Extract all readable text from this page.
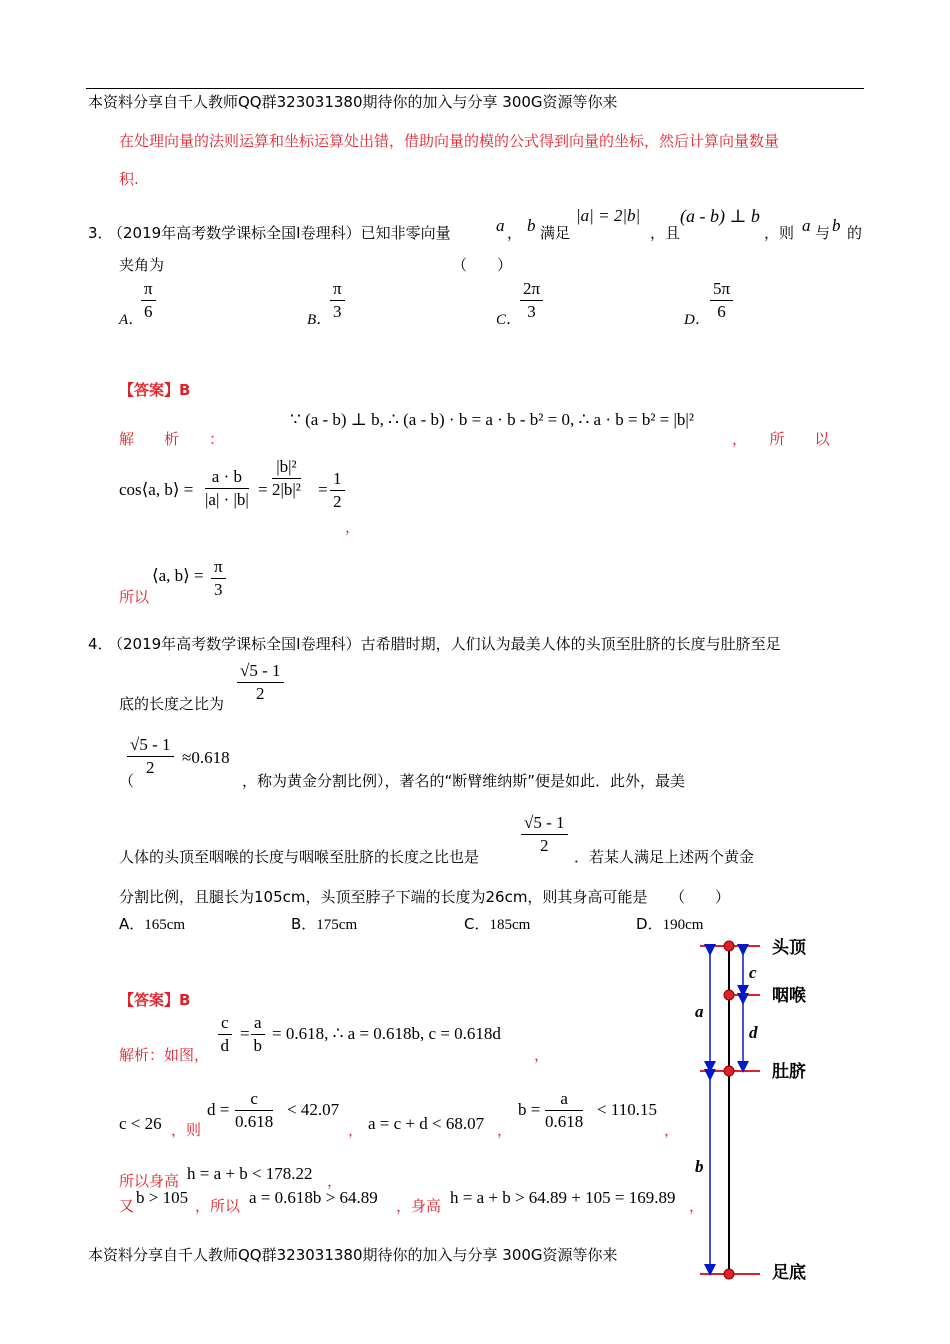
本资料分享自千人教师QQ群323031380期待你的加入与分享 300G资源等你来
在处理向量的法则运算和坐标运算处出错，借助向量的模的公式得到向量的坐标，然后计算向量数量
积.
3．
（2019年高考数学课标全国Ⅰ卷理科）已知非零向量	a ， b 满足
|a| = 2|b|
，且
(a - b) ⊥ b
，则 a 与 b 的
夹角为	（　　）
A．
$\frac{\pi}{6}$	B．
$\frac{\pi}{3}$	C．
$\frac{2\pi}{3}$	D． $\frac{5\pi}{6}$
【答案】B
解　　析　　：
∵ (a - b) ⊥ b, ∴ (a - b) · b = a · b - b² = 0, ∴ a · b = b² = |b|²
，　　所　　以
cos⟨a, b⟩ = $\frac{a \cdot b}{|a| \cdot |b|} = \frac{\text{|b|²}}{\text{2|b|²}} = \frac{1}{2}$
，
所以
⟨a, b⟩ = $\frac{\pi}{3}$
4．
（2019年高考数学课标全国Ⅰ卷理科）古希腊时期，人们认为最美人体的头顶至肚脐的长度与肚脐至足
底的长度之比为 $\frac{√5 - 1}{2}$
（
$\frac{√5 - 1}{2} \approx 0.618$
，称为黄金分割比例），著名的“断臂维纳斯”便是如此．此外，最美
人体的头顶至咽喉的长度与咽喉至肚脐的长度之比也是 $\frac{√5 - 1}{2}$ ．若某人满足上述两个黄金
分割比例，且腿长为105cm，头顶至脖子下端的长度为26cm，则其身高可能是　　（　　）
A．165cm	B．175cm	C．185cm	D．190cm
【答案】B
解析：如图， $\frac{c}{d} = \frac{a}{b} = 0.618$, ∴ a = 0.618b, c = 0.618d
，
c < 26 ，则
$d = \frac{c}{0.618} < 42.07$
， a = c + d < 68.07 ，
$b = \frac{a}{0.618} < 110.15$
，
所以身高 h = a + b < 178.22 ，
又 b > 105 ，所以 a = 0.618b > 64.89 ，身高 h = a + b > 64.89 + 105 = 169.89 ，
a
b
c
d
头顶
咽喉
肚脐
足底
本资料分享自千人教师QQ群323031380期待你的加入与分享 300G资源等你来
